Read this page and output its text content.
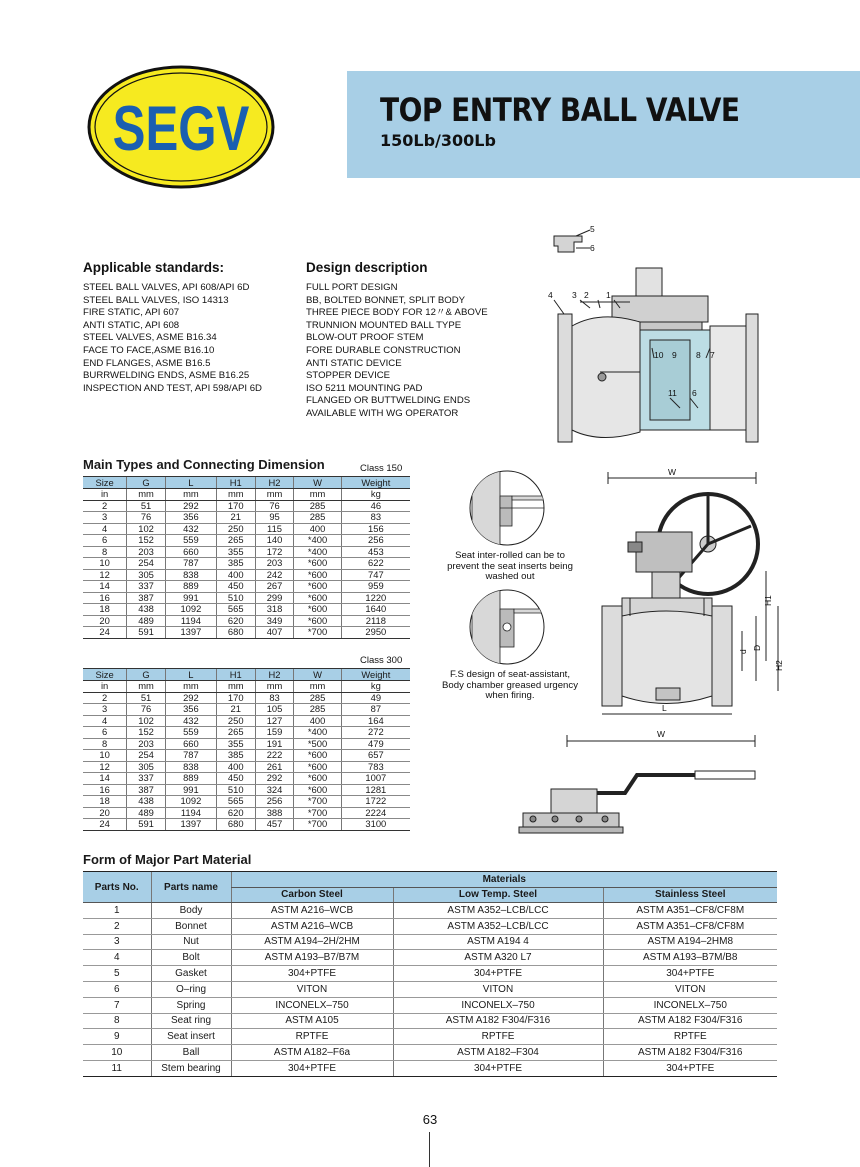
SEGV	TOP ENTRY BALL VALVE
150Lb/300Lb
Applicable standards:
STEEL BALL VALVES, API 608/API 6D
STEEL BALL VALVES, ISO 14313
FIRE STATIC, API 607
ANTI STATIC, API 608
STEEL VALVES, ASME B16.34
FACE TO FACE,ASME B16.10
END FLANGES, ASME B16.5
BURRWELDING ENDS, ASME B16.25
INSPECTION AND TEST, API 598/API 6D
Design description
FULL PORT DESIGN
BB, BOLTED BONNET, SPLIT BODY
THREE PIECE BODY FOR 12〃& ABOVE
TRUNNION MOUNTED BALL TYPE
BLOW-OUT PROOF STEM
FORE DURABLE CONSTRUCTION
ANTI STATIC DEVICE
STOPPER DEVICE
ISO 5211 MOUNTING PAD
FLANGED OR BUTTWELDING ENDS
AVAILABLE WITH WG OPERATOR
5
6
4 3 2 1
10 9 8 7
11 6
Main Types and Connecting Dimension	Class 150
Size	G	L	H1	H2	W	Weight
in	mm	mm	mm	mm	mm	kg
2	51	292	170	76	285	46
3	76	356	21	95	285	83
4	102	432	250	115	400	156
6	152	559	265	140	*400	256
8	203	660	355	172	*400	453
10	254	787	385	203	*600	622
12	305	838	400	242	*600	747
14	337	889	450	267	*600	959
16	387	991	510	299	*600	1220
18	438	1092	565	318	*600	1640
20	489	1194	620	349	*600	2118
24	591	1397	680	407	*700	2950
Class 300
Size	G	L	H1	H2	W	Weight
in	mm	mm	mm	mm	mm	kg
2	51	292	170	83	285	49
3	76	356	21	105	285	87
4	102	432	250	127	400	164
6	152	559	265	159	*400	272
8	203	660	355	191	*500	479
10	254	787	385	222	*600	657
12	305	838	400	261	*600	783
14	337	889	450	292	*600	1007
16	387	991	510	324	*600	1281
18	438	1092	565	256	*700	1722
20	489	1194	620	388	*700	2224
24	591	1397	680	457	*700	3100
Seat inter-rolled can be to
prevent the seat inserts being
washed out
F.S design of seat-assistant,
Body chamber greased urgency
when firing.
W
H1
H2
D
d
L
W
Form of Major Part Material
Parts No.	Parts name	Materials		
		Carbon Steel	Low Temp. Steel	Stainless Steel
1	Body	ASTM A216–WCB	ASTM A352–LCB/LCC	ASTM A351–CF8/CF8M
2	Bonnet	ASTM A216–WCB	ASTM A352–LCB/LCC	ASTM A351–CF8/CF8M
3	Nut	ASTM A194–2H/2HM	ASTM A194 4	ASTM A194–2HM8
4	Bolt	ASTM A193–B7/B7M	ASTM A320 L7	ASTM A193–B7M/B8
5	Gasket	304+PTFE	304+PTFE	304+PTFE
6	O–ring	VITON	VITON	VITON
7	Spring	INCONELX–750	INCONELX–750	INCONELX–750
8	Seat ring	ASTM A105	ASTM A182 F304/F316	ASTM A182 F304/F316
9	Seat insert	RPTFE	RPTFE	RPTFE
10	Ball	ASTM A182–F6a	ASTM A182–F304	ASTM A182 F304/F316
11	Stem bearing	304+PTFE	304+PTFE	304+PTFE
63
